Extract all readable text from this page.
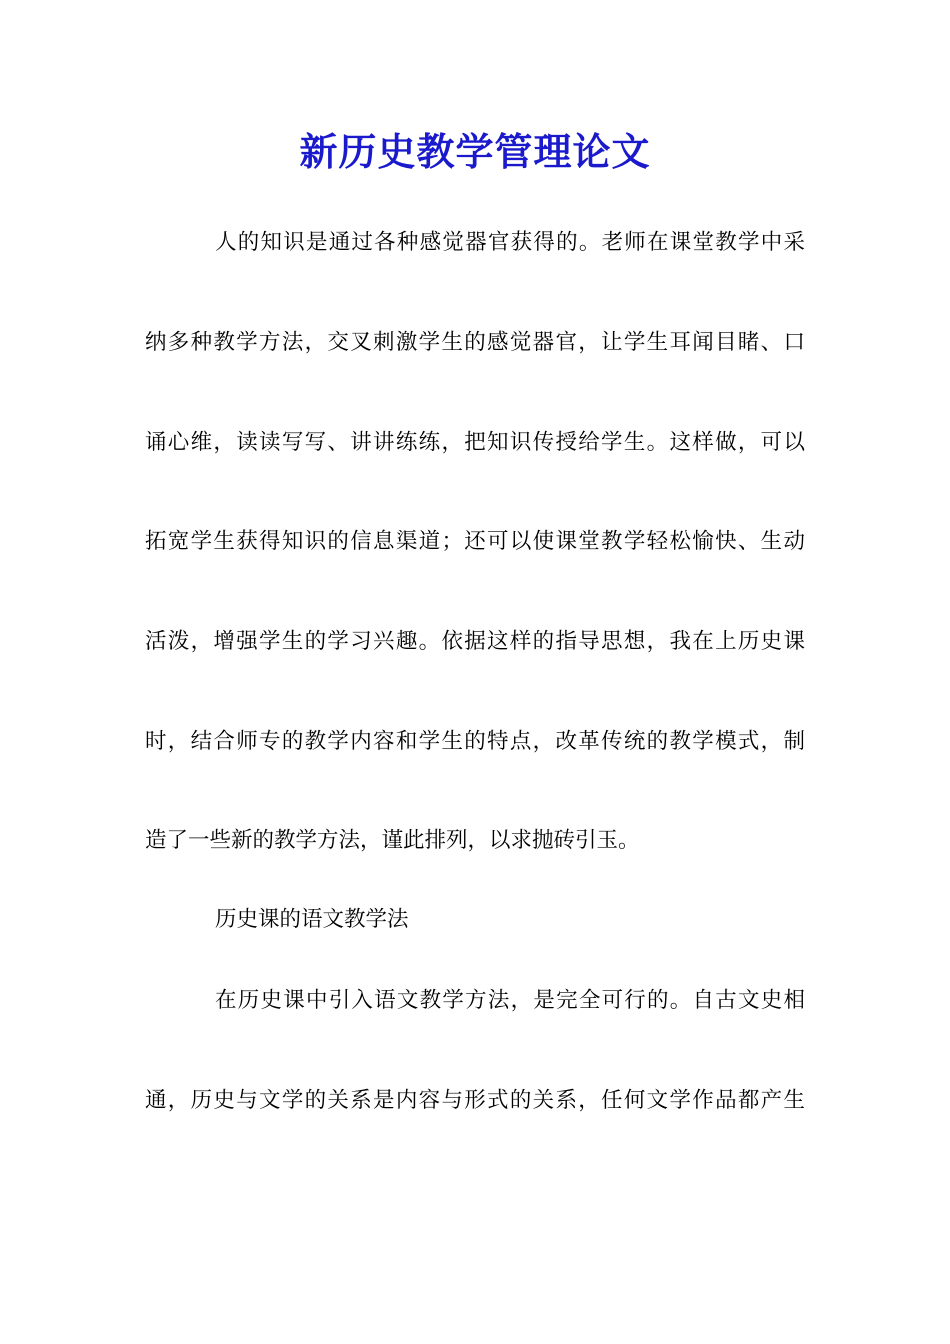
新历史教学管理论文

人的知识是通过各种感觉器官获得的。老师在课堂教学中采

纳多种教学方法，交叉刺激学生的感觉器官，让学生耳闻目睹、口

诵心维，读读写写、讲讲练练，把知识传授给学生。这样做，可以

拓宽学生获得知识的信息渠道；还可以使课堂教学轻松愉快、生动

活泼，增强学生的学习兴趣。依据这样的指导思想，我在上历史课

时，结合师专的教学内容和学生的特点，改革传统的教学模式，制

造了一些新的教学方法，谨此排列，以求抛砖引玉。

历史课的语文教学法

在历史课中引入语文教学方法，是完全可行的。自古文史相

通，历史与文学的关系是内容与形式的关系，任何文学作品都产生
